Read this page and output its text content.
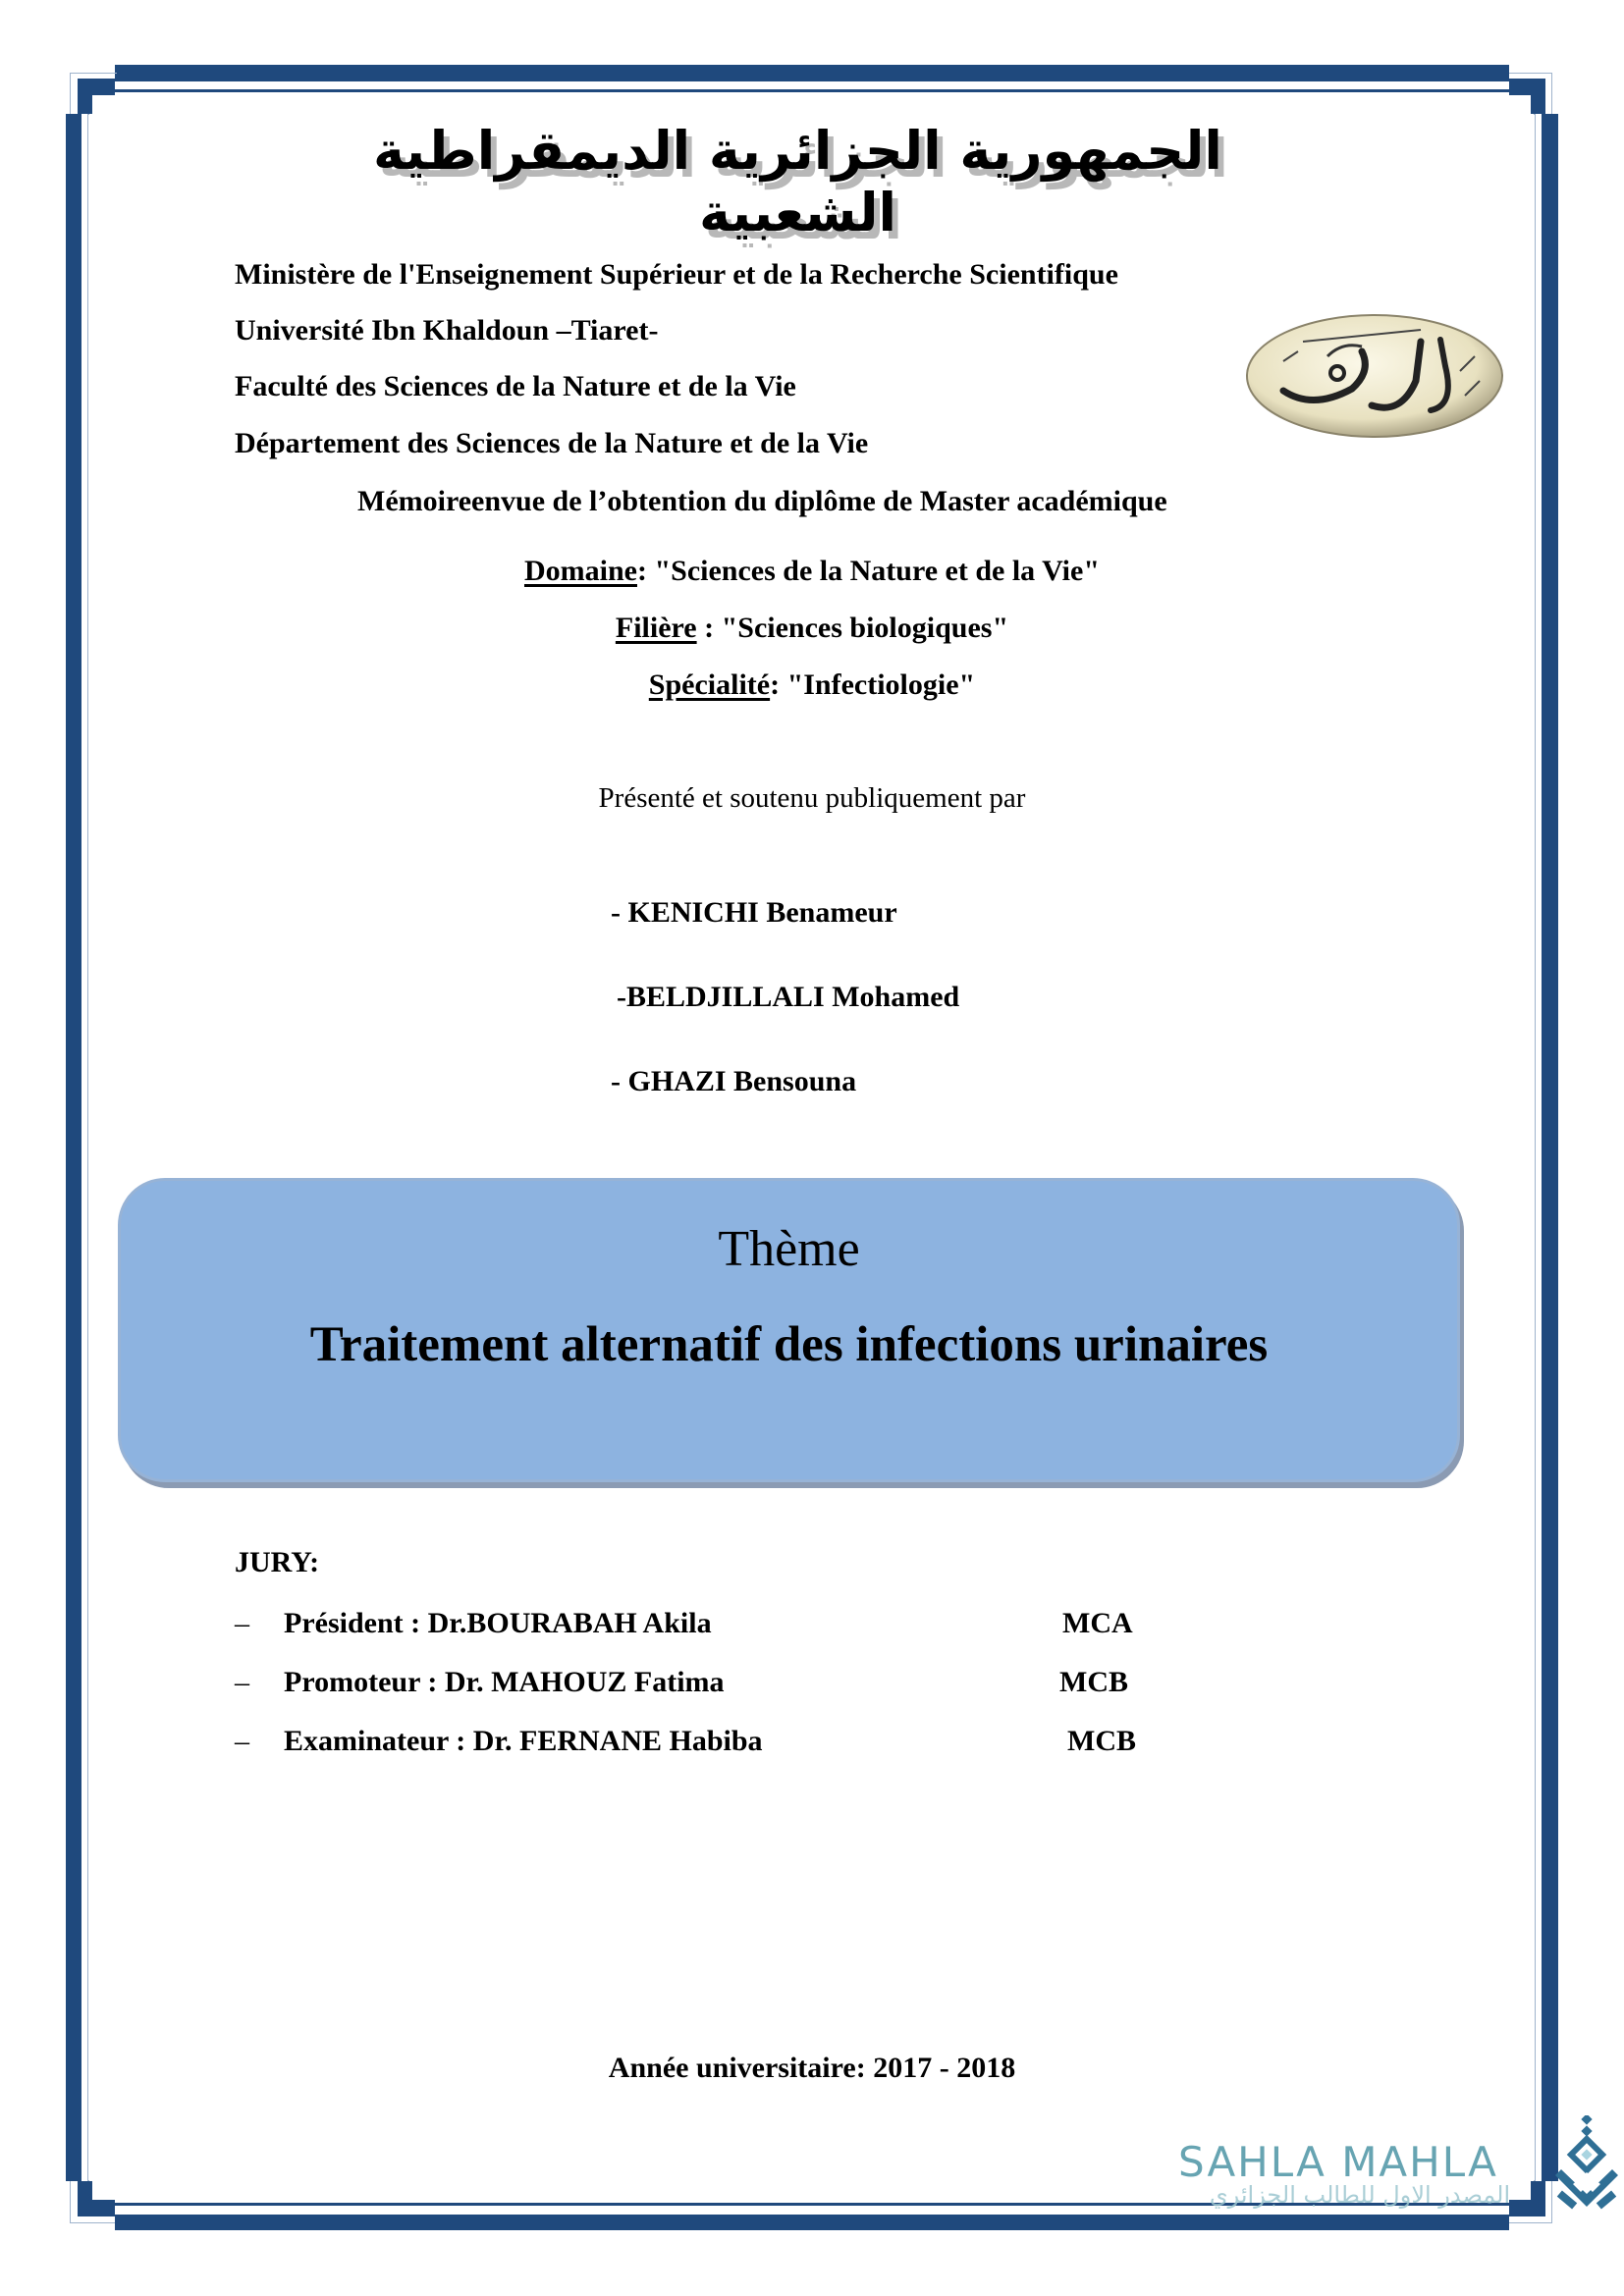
الجمهورية الجزائرية الديمقراطية الشعبية
Ministère de l'Enseignement Supérieur et de la Recherche Scientifique
Université Ibn Khaldoun –Tiaret-
Faculté des Sciences de la Nature et de la Vie
Département des Sciences de la Nature et de la Vie
Mémoireenvue de l’obtention du diplôme de Master académique
Domaine: "Sciences de la Nature et de la Vie"
Filière : "Sciences biologiques"
Spécialité: "Infectiologie"
Présenté et soutenu publiquement par
- KENICHI Benameur
-BELDJILLALI Mohamed
- GHAZI Bensouna
Thème
Traitement alternatif des infections urinaires
JURY:
– Président : Dr.BOURABAH Akila	MCA
– Promoteur : Dr. MAHOUZ Fatima	MCB
– Examinateur : Dr. FERNANE Habiba	MCB
Année universitaire: 2017 - 2018
SAHLA MAHLA
المصدر الاول للطالب الجزائري
